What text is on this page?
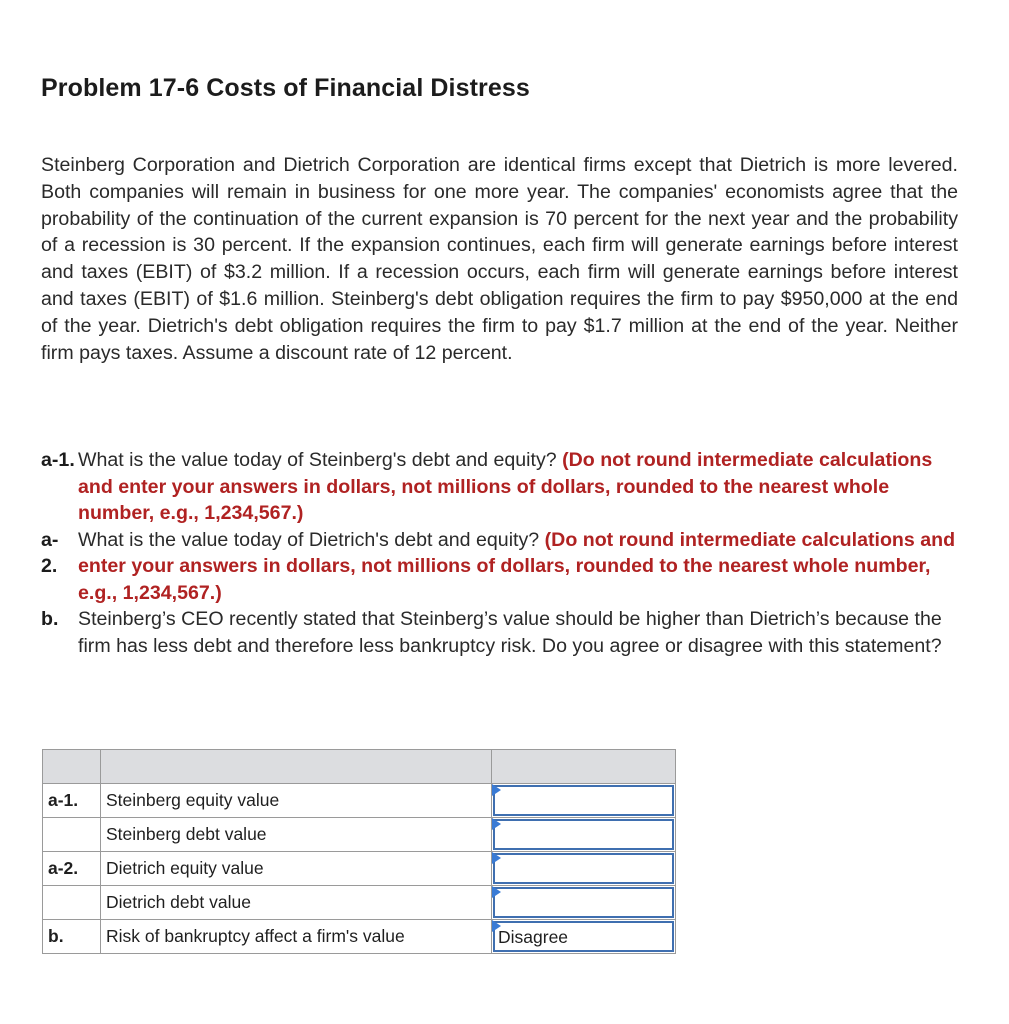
Problem 17-6 Costs of Financial Distress
Steinberg Corporation and Dietrich Corporation are identical firms except that Dietrich is more levered. Both companies will remain in business for one more year. The companies' economists agree that the probability of the continuation of the current expansion is 70 percent for the next year and the probability of a recession is 30 percent. If the expansion continues, each firm will generate earnings before interest and taxes (EBIT) of $3.2 million. If a recession occurs, each firm will generate earnings before interest and taxes (EBIT) of $1.6 million. Steinberg's debt obligation requires the firm to pay $950,000 at the end of the year. Dietrich's debt obligation requires the firm to pay $1.7 million at the end of the year. Neither firm pays taxes. Assume a discount rate of 12 percent.
a-1. What is the value today of Steinberg's debt and equity? (Do not round intermediate calculations and enter your answers in dollars, not millions of dollars, rounded to the nearest whole number, e.g., 1,234,567.)
a-
2.
What is the value today of Dietrich's debt and equity? (Do not round intermediate calculations and enter your answers in dollars, not millions of dollars, rounded to the nearest whole number, e.g., 1,234,567.)
b. Steinberg’s CEO recently stated that Steinberg’s value should be higher than Dietrich’s because the firm has less debt and therefore less bankruptcy risk. Do you agree or disagree with this statement?

a-1.	Steinberg equity value	

	Steinberg debt value	

a-2.	Dietrich equity value	

	Dietrich debt value	

b.	Risk of bankruptcy affect a firm's value	Disagree
